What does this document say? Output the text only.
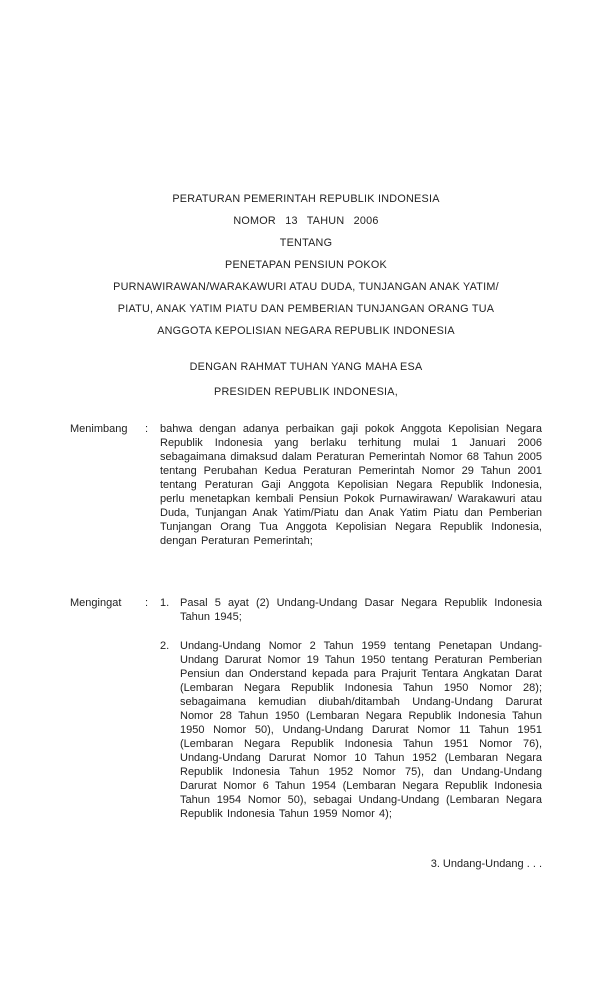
PERATURAN PEMERINTAH REPUBLIK INDONESIA
NOMOR 13 TAHUN 2006
TENTANG
PENETAPAN PENSIUN POKOK
PURNAWIRAWAN/WARAKAWURI ATAU DUDA, TUNJANGAN ANAK YATIM/
PIATU, ANAK YATIM PIATU DAN PEMBERIAN TUNJANGAN ORANG TUA
ANGGOTA KEPOLISIAN NEGARA REPUBLIK INDONESIA
DENGAN RAHMAT TUHAN YANG MAHA ESA
PRESIDEN REPUBLIK INDONESIA,
Menimbang : bahwa dengan adanya perbaikan gaji pokok Anggota Kepolisian Negara Republik Indonesia yang berlaku terhitung mulai 1 Januari 2006 sebagaimana dimaksud dalam Peraturan Pemerintah Nomor 68 Tahun 2005 tentang Perubahan Kedua Peraturan Pemerintah Nomor 29 Tahun 2001 tentang Peraturan Gaji Anggota Kepolisian Negara Republik Indonesia, perlu menetapkan kembali Pensiun Pokok Purnawirawan/ Warakawuri atau Duda, Tunjangan Anak Yatim/Piatu dan Anak Yatim Piatu dan Pemberian Tunjangan Orang Tua Anggota Kepolisian Negara Republik Indonesia, dengan Peraturan Pemerintah;
Mengingat : 1. Pasal 5 ayat (2) Undang-Undang Dasar Negara Republik Indonesia Tahun 1945;
2. Undang-Undang Nomor 2 Tahun 1959 tentang Penetapan Undang-Undang Darurat Nomor 19 Tahun 1950 tentang Peraturan Pemberian Pensiun dan Onderstand kepada para Prajurit Tentara Angkatan Darat (Lembaran Negara Republik Indonesia Tahun 1950 Nomor 28); sebagaimana kemudian diubah/ditambah Undang-Undang Darurat Nomor 28 Tahun 1950 (Lembaran Negara Republik Indonesia Tahun 1950 Nomor 50), Undang-Undang Darurat Nomor 11 Tahun 1951 (Lembaran Negara Republik Indonesia Tahun 1951 Nomor 76), Undang-Undang Darurat Nomor 10 Tahun 1952 (Lembaran Negara Republik Indonesia Tahun 1952 Nomor 75), dan Undang-Undang Darurat Nomor 6 Tahun 1954 (Lembaran Negara Republik Indonesia Tahun 1954 Nomor 50), sebagai Undang-Undang (Lembaran Negara Republik Indonesia Tahun 1959 Nomor 4);
3. Undang-Undang . . .
